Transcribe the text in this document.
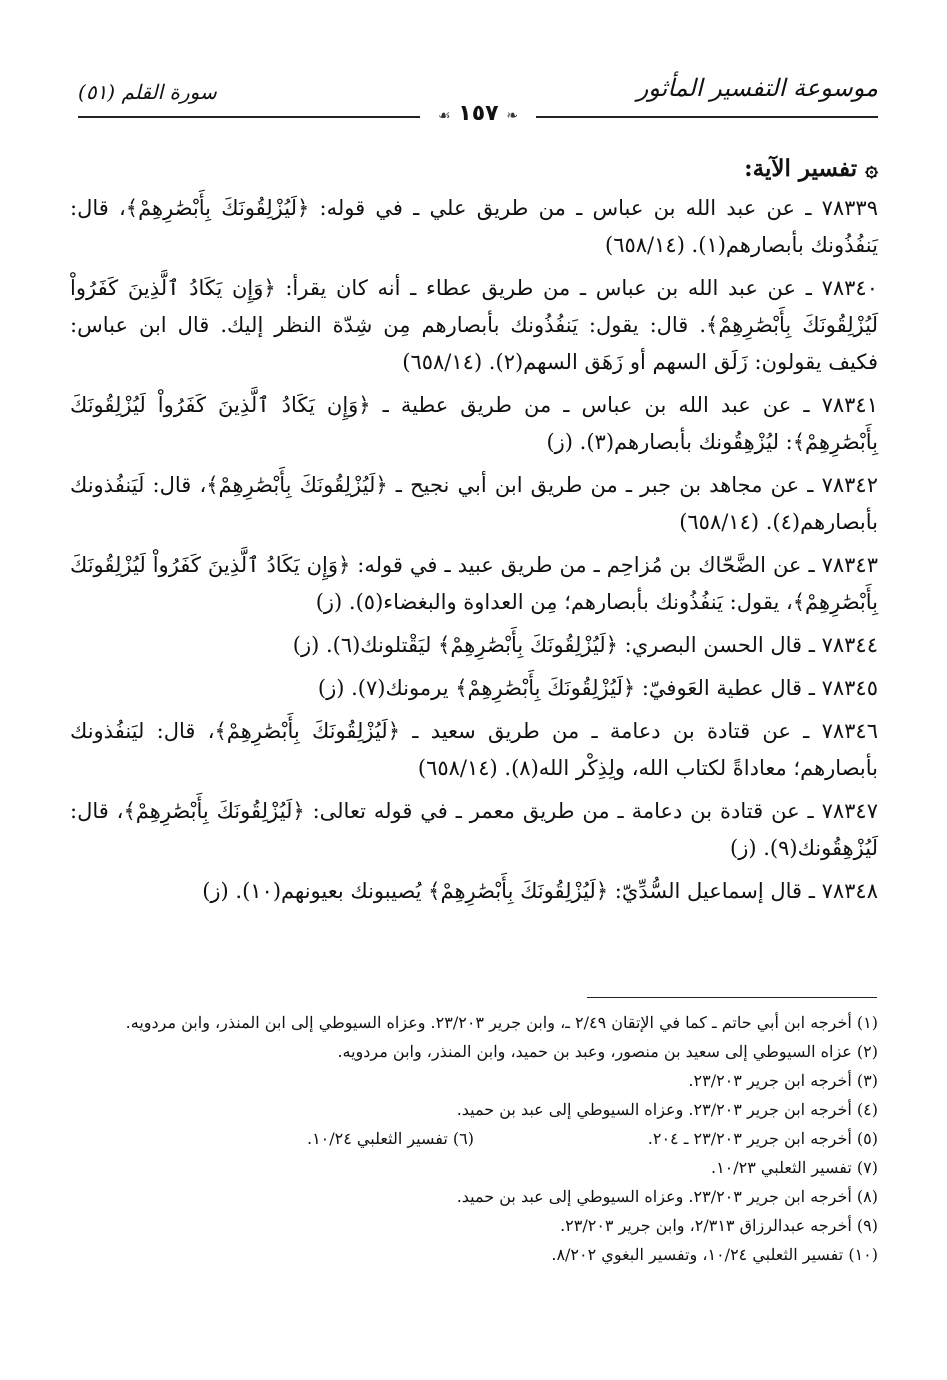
موسوعة التفسير المأثور
سورة القلم (٥١)
❧ ١٥٧ ☙
۞تفسير الآية:

٧٨٣٣٩ ـ عن عبد الله بن عباس ـ من طريق علي ـ في قوله: ﴿لَيُزْلِقُونَكَ بِأَبْصَٰرِهِمْ﴾، قال: يَنفُذُونك بأبصارهم(١). (٦٥٨/١٤)

٧٨٣٤٠ ـ عن عبد الله بن عباس ـ من طريق عطاء ـ أنه كان يقرأ: ﴿وَإِن يَكَادُ ٱلَّذِينَ كَفَرُواْ لَيُزْلِقُونَكَ بِأَبْصَٰرِهِمْ﴾. قال: يقول: يَنفُذُونك بأبصارهم مِن شِدّة النظر إليك. قال ابن عباس: فكيف يقولون: زَلَق السهم أو زَهَق السهم(٢). (٦٥٨/١٤)

٧٨٣٤١ ـ عن عبد الله بن عباس ـ من طريق عطية ـ ﴿وَإِن يَكَادُ ٱلَّذِينَ كَفَرُواْ لَيُزْلِقُونَكَ بِأَبْصَٰرِهِمْ﴾: ليُزْهِقُونك بأبصارهم(٣). (ز)

٧٨٣٤٢ ـ عن مجاهد بن جبر ـ من طريق ابن أبي نجيح ـ ﴿لَيُزْلِقُونَكَ بِأَبْصَٰرِهِمْ﴾، قال: لَيَنفُذونك بأبصارهم(٤). (٦٥٨/١٤)

٧٨٣٤٣ ـ عن الضَّحّاك بن مُزاحِم ـ من طريق عبيد ـ في قوله: ﴿وَإِن يَكَادُ ٱلَّذِينَ كَفَرُواْ لَيُزْلِقُونَكَ بِأَبْصَٰرِهِمْ﴾، يقول: يَنفُذُونك بأبصارهم؛ مِن العداوة والبغضاء(٥). (ز)

٧٨٣٤٤ ـ قال الحسن البصري: ﴿لَيُزْلِقُونَكَ بِأَبْصَٰرِهِمْ﴾ ليَقْتلونك(٦). (ز)

٧٨٣٤٥ ـ قال عطية العَوفيّ: ﴿لَيُزْلِقُونَكَ بِأَبْصَٰرِهِمْ﴾ يرمونك(٧). (ز)

٧٨٣٤٦ ـ عن قتادة بن دعامة ـ من طريق سعيد ـ ﴿لَيُزْلِقُونَكَ بِأَبْصَٰرِهِمْ﴾، قال: ليَنفُذونك بأبصارهم؛ معاداةً لكتاب الله، ولِذِكْر الله(٨). (٦٥٨/١٤)

٧٨٣٤٧ ـ عن قتادة بن دعامة ـ من طريق معمر ـ في قوله تعالى: ﴿لَيُزْلِقُونَكَ بِأَبْصَٰرِهِمْ﴾، قال: لَيُزْهِقُونك(٩). (ز)

٧٨٣٤٨ ـ قال إسماعيل السُّدِّيّ: ﴿لَيُزْلِقُونَكَ بِأَبْصَٰرِهِمْ﴾ يُصيبونك بعيونهم(١٠). (ز)

(١) أخرجه ابن أبي حاتم ـ كما في الإتقان ٢/٤٩ ـ، وابن جرير ٢٣/٢٠٣. وعزاه السيوطي إلى ابن المنذر، وابن مردويه.

(٢) عزاه السيوطي إلى سعيد بن منصور، وعبد بن حميد، وابن المنذر، وابن مردويه.

(٣) أخرجه ابن جرير ٢٣/٢٠٣.

(٤) أخرجه ابن جرير ٢٣/٢٠٣. وعزاه السيوطي إلى عبد بن حميد.

(٥) أخرجه ابن جرير ٢٣/٢٠٣ ـ ٢٠٤.

(٦) تفسير الثعلبي ١٠/٢٤.

(٧) تفسير الثعلبي ١٠/٢٣.

(٨) أخرجه ابن جرير ٢٣/٢٠٣. وعزاه السيوطي إلى عبد بن حميد.

(٩) أخرجه عبدالرزاق ٢/٣١٣، وابن جرير ٢٣/٢٠٣.

(١٠) تفسير الثعلبي ١٠/٢٤، وتفسير البغوي ٨/٢٠٢.
